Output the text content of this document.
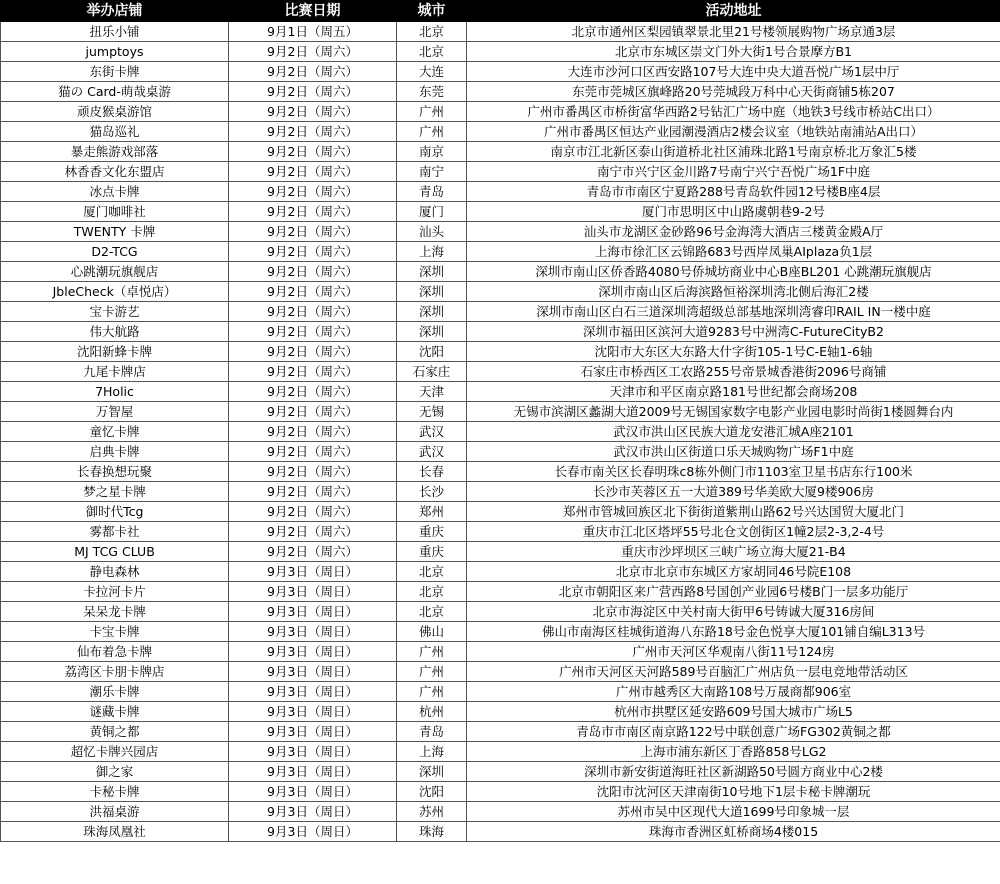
举办店铺	比赛日期	城市	活动地址
扭乐小铺	9月1日（周五）	北京	北京市通州区梨园镇翠景北里21号楼领展购物广场京通3层
jumptoys	9月2日（周六）	北京	北京市东城区崇文门外大街1号合景摩方B1
东街卡牌	9月2日（周六）	大连	大连市沙河口区西安路107号大连中央大道吾悦广场1层中厅
猫の Card-萌哉桌游	9月2日（周六）	东莞	东莞市莞城区旗峰路20号莞城段万科中心天街商铺5栋207
顽皮猴桌游馆	9月2日（周六）	广州	广州市番禺区市桥街富华西路2号钻汇广场中庭（地铁3号线市桥站C出口）
猫岛巡礼	9月2日（周六）	广州	广州市番禺区恒达产业园潮漫酒店2楼会议室（地铁站南浦站A出口）
暴走熊游戏部落	9月2日（周六）	南京	南京市江北新区泰山街道桥北社区浦珠北路1号南京桥北万象汇5楼
林香香文化东盟店	9月2日（周六）	南宁	南宁市兴宁区金川路7号南宁兴宁吾悦广场1F中庭
冰点卡牌	9月2日（周六）	青岛	青岛市市南区宁夏路288号青岛软件园12号楼B座4层
厦门咖啡社	9月2日（周六）	厦门	厦门市思明区中山路虞朝巷9-2号
TWENTY 卡牌	9月2日（周六）	汕头	汕头市龙湖区金砂路96号金海湾大酒店三楼黄金殿A厅
D2-TCG	9月2日（周六）	上海	上海市徐汇区云锦路683号西岸凤巢AIplaza负1层
心跳潮玩旗舰店	9月2日（周六）	深圳	深圳市南山区侨香路4080号侨城坊商业中心B座BL201 心跳潮玩旗舰店
JbleCheck（卓悦店）	9月2日（周六）	深圳	深圳市南山区后海滨路恒裕深圳湾北侧后海汇2楼
宝卡游艺	9月2日（周六）	深圳	深圳市南山区白石三道深圳湾超级总部基地深圳湾睿印RAIL IN一楼中庭
伟大航路	9月2日（周六）	深圳	深圳市福田区滨河大道9283号中洲湾C-FutureCityB2
沈阳新蜂卡牌	9月2日（周六）	沈阳	沈阳市大东区大东路大什字街105-1号C-E轴1-6轴
九尾卡牌店	9月2日（周六）	石家庄	石家庄市桥西区工农路255号帝景城香港街2096号商铺
7Holic	9月2日（周六）	天津	天津市和平区南京路181号世纪都会商场208
万智屋	9月2日（周六）	无锡	无锡市滨湖区蠡湖大道2009号无锡国家数字电影产业园电影时尚街1楼圆舞台内
童忆卡牌	9月2日（周六）	武汉	武汉市洪山区民族大道龙安港汇城A座2101
启典卡牌	9月2日（周六）	武汉	武汉市洪山区街道口乐天城购物广场F1中庭
长春换想玩聚	9月2日（周六）	长春	长春市南关区长春明珠c8栋外侧门市1103室卫星书店东行100米
梦之星卡牌	9月2日（周六）	长沙	长沙市芙蓉区五一大道389号华美欧大厦9楼906房
御时代Tcg	9月2日（周六）	郑州	郑州市管城回族区北下街街道紫荆山路62号兴达国贸大厦北门
雾都卡社	9月2日（周六）	重庆	重庆市江北区塔坪55号北仓文创街区1幢2层2-3,2-4号
MJ TCG CLUB	9月2日（周六）	重庆	重庆市沙坪坝区三峡广场立海大厦21-B4
静电森林	9月3日（周日）	北京	北京市北京市东城区方家胡同46号院E108
卡拉河卡片	9月3日（周日）	北京	北京市朝阳区来广营西路8号国创产业园6号楼B门一层多功能厅
呆呆龙卡牌	9月3日（周日）	北京	北京市海淀区中关村南大街甲6号铸诚大厦316房间
卡宝卡牌	9月3日（周日）	佛山	佛山市南海区桂城街道海八东路18号金色悦享大厦101铺自编L313号
仙布着急卡牌	9月3日（周日）	广州	广州市天河区华观南八街11号124房
荔湾区卡朋卡牌店	9月3日（周日）	广州	广州市天河区天河路589号百脑汇广州店负一层电竞地带活动区
潮乐卡牌	9月3日（周日）	广州	广州市越秀区大南路108号万晟商都906室
谜藏卡牌	9月3日（周日）	杭州	杭州市拱墅区延安路609号国大城市广场L5
黄铜之都	9月3日（周日）	青岛	青岛市市南区南京路122号中联创意广场FG302黄铜之都
超忆卡牌兴园店	9月3日（周日）	上海	上海市浦东新区丁香路858号LG2
御之家	9月3日（周日）	深圳	深圳市新安街道海旺社区新湖路50号圆方商业中心2楼
卡秘卡牌	9月3日（周日）	沈阳	沈阳市沈河区天津南街10号地下1层卡秘卡牌潮玩
洪福桌游	9月3日（周日）	苏州	苏州市吴中区现代大道1699号印象城一层
珠海凤凰社	9月3日（周日）	珠海	珠海市香洲区虹桥商场4楼015
